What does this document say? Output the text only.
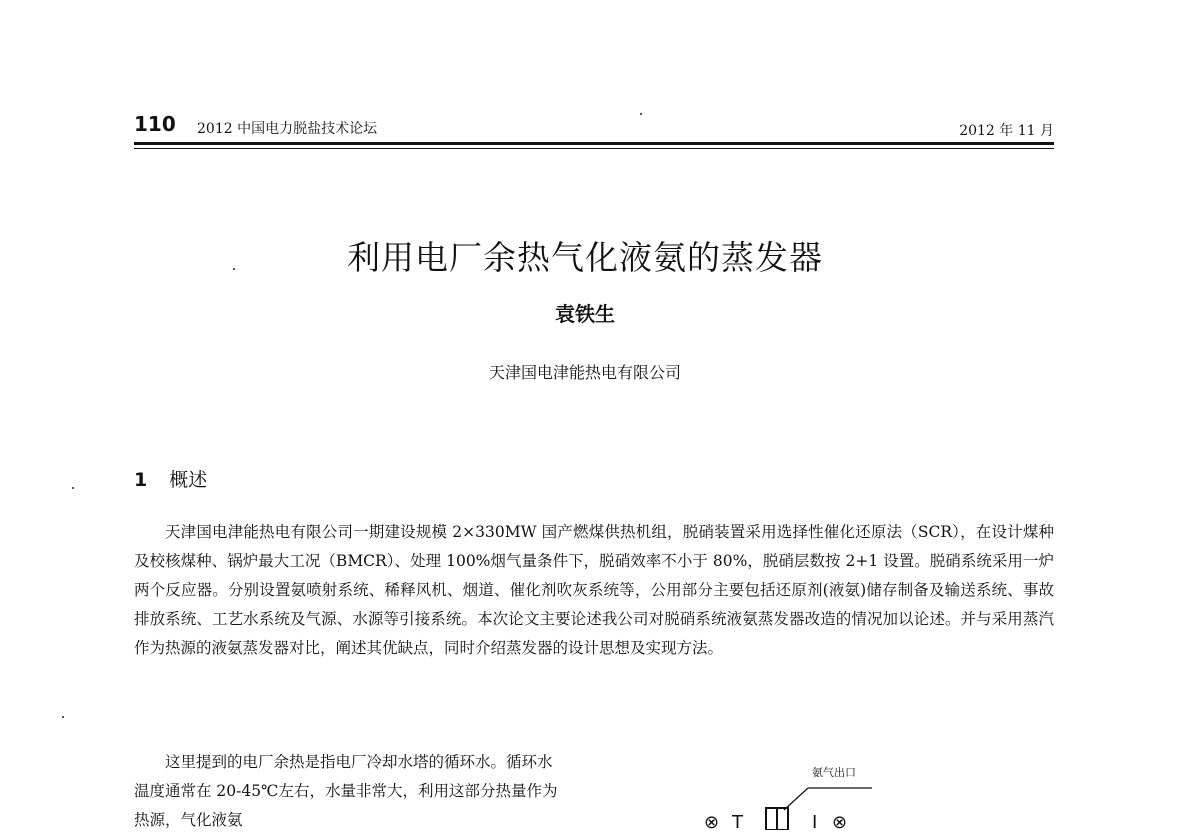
110 2012 中国电力脱盐技术论坛	2012 年 11 月
利用电厂余热气化液氨的蒸发器
袁铁生
天津国电津能热电有限公司
1 概述

天津国电津能热电有限公司一期建设规模 2×330MW 国产燃煤供热机组，脱硝装置采用选择性催化还原法（SCR），在设计煤种及校核煤种、锅炉最大工况（BMCR）、处理 100%烟气量条件下，脱硝效率不小于 80%，脱硝层数按 2+1 设置。脱硝系统采用一炉两个反应器。分别设置氨喷射系统、稀释风机、烟道、催化剂吹灰系统等，公用部分主要包括还原剂(液氨)储存制备及输送系统、事故排放系统、工艺水系统及气源、水源等引接系统。本次论文主要论述我公司对脱硝系统液氨蒸发器改造的情况加以论述。并与采用蒸汽作为热源的液氨蒸发器对比，阐述其优缺点，同时介绍蒸发器的设计思想及实现方法。

这里提到的电厂余热是指电厂冷却水塔的循环水。循环水温度通常在 20-45℃左右，水量非常大，利用这部分热量作为热源，气化液氨

氨气出口
⊗ T	I ⊗
